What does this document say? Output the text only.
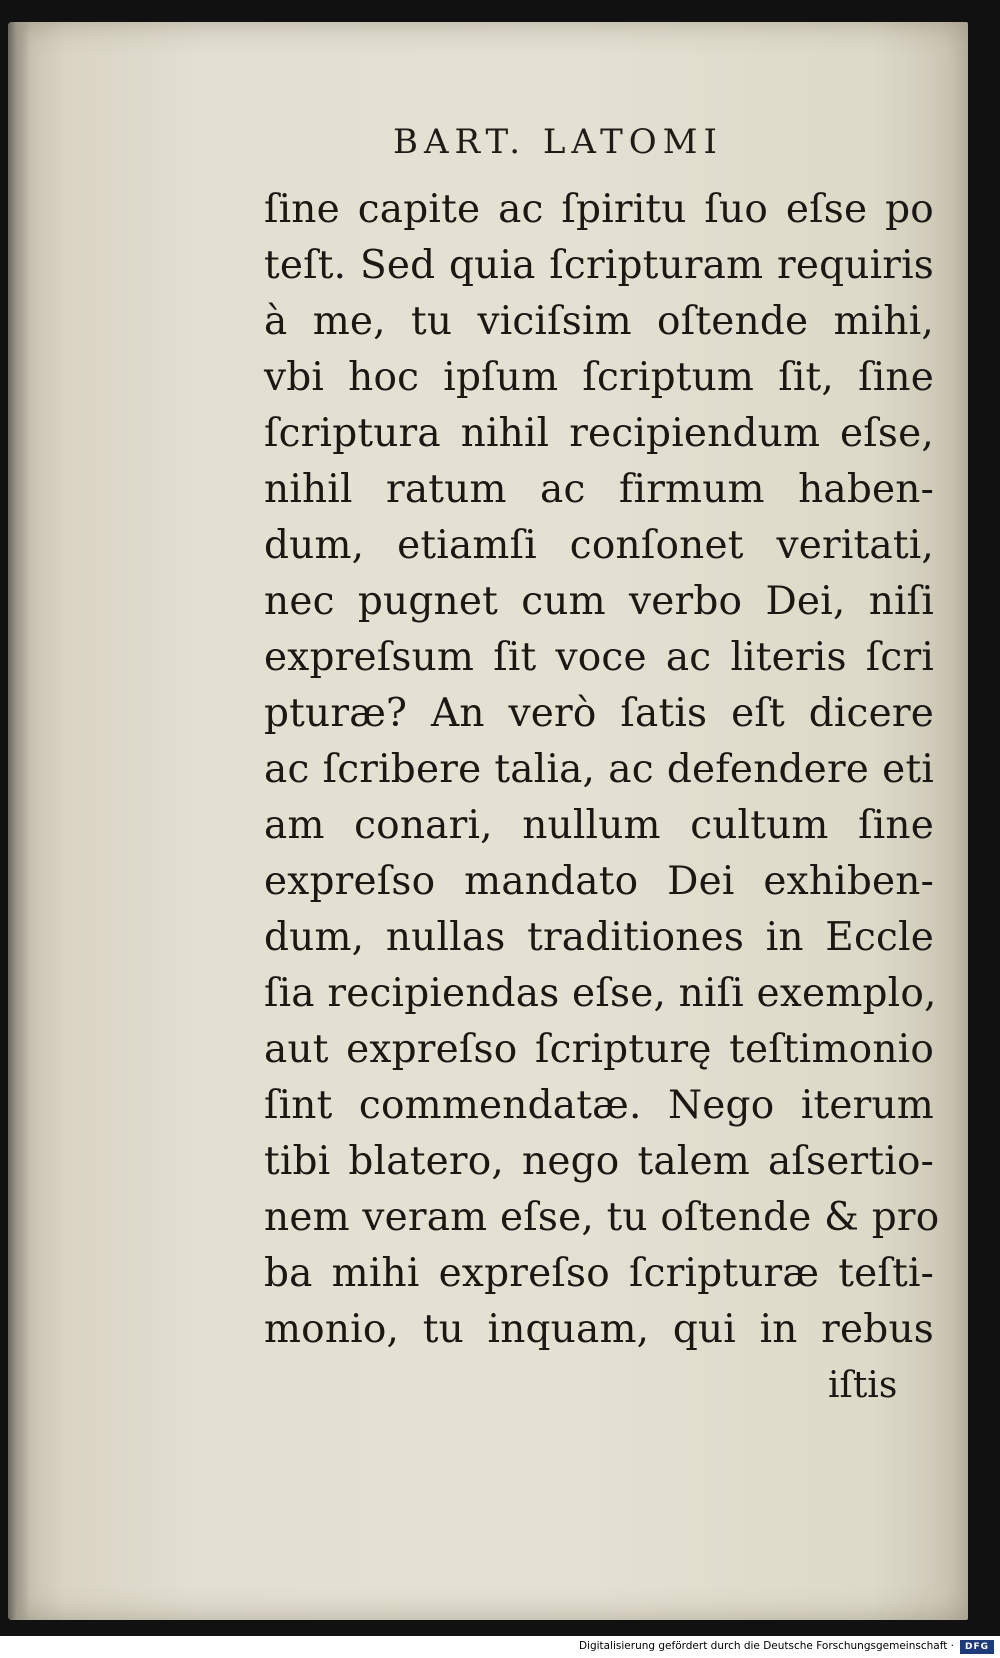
BART. LATOMI
ſine capite ac ſpiritu ſuo eſse po
teſt. Sed quia ſcripturam requiris
à me, tu viciſsim oſtende mihi,
vbi hoc ipſum ſcriptum ſit, ſine
ſcriptura nihil recipiendum eſse,
nihil ratum ac firmum haben-
dum, etiamſi conſonet veritati,
nec pugnet cum verbo Dei, niſi
expreſsum ſit voce ac literis ſcri
pturæ? An verò ſatis eſt dicere
ac ſcribere talia, ac defendere eti
am conari, nullum cultum ſine
expreſso mandato Dei exhiben-
dum, nullas traditiones in Eccle
ſia recipiendas eſse, niſi exemplo,
aut expreſso ſcripturę teſtimonio
ſint commendatæ. Nego iterum
tibi blatero, nego talem aſsertio-
nem veram eſse, tu oſtende & pro
ba mihi expreſso ſcripturæ teſti-
monio, tu inquam, qui in rebus
iſtis
Digitalisierung gefördert durch die Deutsche Forschungsgemeinschaft ·	DFG
